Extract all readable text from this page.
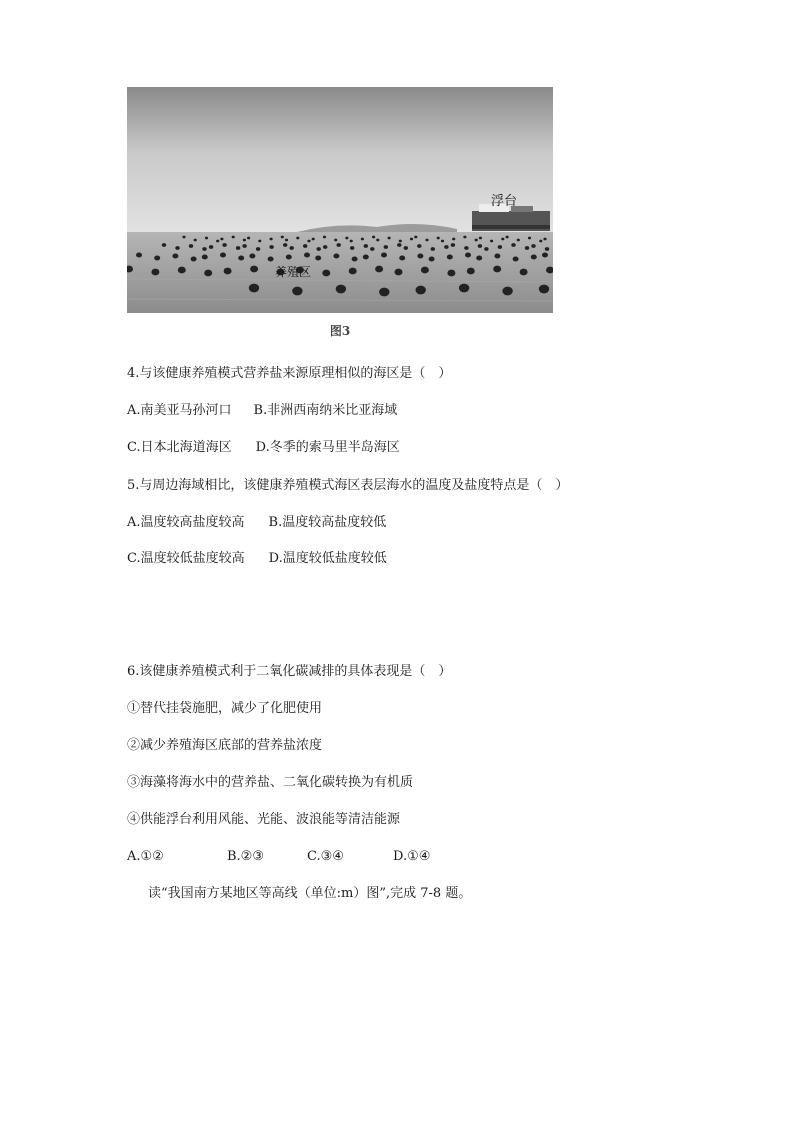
浮台
养殖区
图3
4.与该健康养殖模式营养盐来源原理相似的海区是（　）
A.南美亚马孙河口 B.非洲西南纳米比亚海域
C.日本北海道海区 D.冬季的索马里半岛海区
5.与周边海域相比，该健康养殖模式海区表层海水的温度及盐度特点是（　）
A.温度较高盐度较高 B.温度较高盐度较低
C.温度较低盐度较高 D.温度较低盐度较低
6.该健康养殖模式利于二氧化碳减排的具体表现是（　）
①替代挂袋施肥，减少了化肥使用
②减少养殖海区底部的营养盐浓度
③海藻将海水中的营养盐、二氧化碳转换为有机质
④供能浮台利用风能、光能、波浪能等清洁能源
A.①②	B.②③	C.③④	D.①④
读“我国南方某地区等高线（单位:m）图”,完成 7-8 题。
